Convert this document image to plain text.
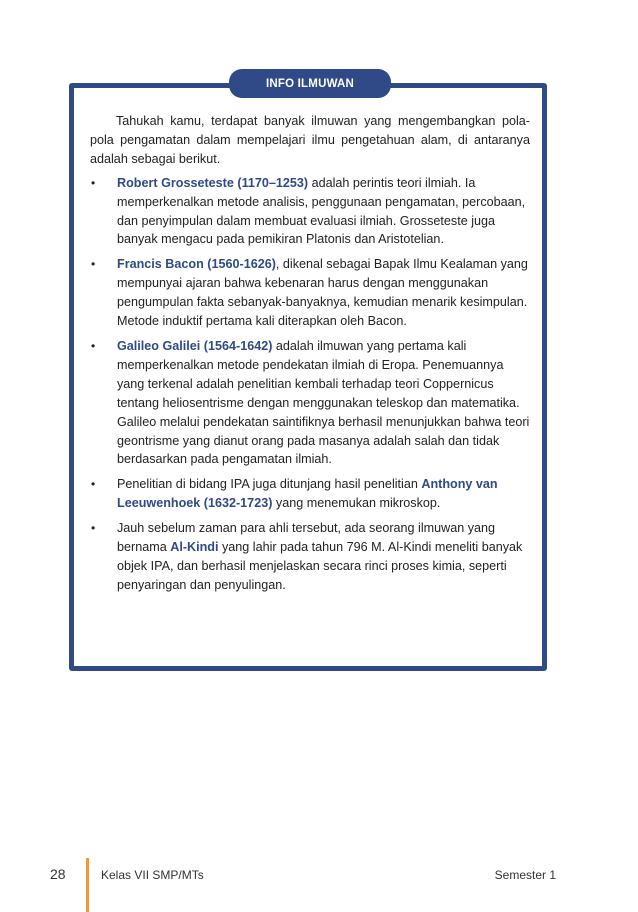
INFO ILMUWAN

Tahukah kamu, terdapat banyak ilmuwan yang mengembangkan pola-pola pengamatan dalam mempelajari ilmu pengetahuan alam, di antaranya adalah sebagai berikut.

• Robert Grosseteste (1170–1253) adalah perintis teori ilmiah. Ia memperkenalkan metode analisis, penggunaan pengamatan, percobaan, dan penyimpulan dalam membuat evaluasi ilmiah. Grosseteste juga banyak mengacu pada pemikiran Platonis dan Aristotelian.
• Francis Bacon (1560-1626), dikenal sebagai Bapak Ilmu Kealaman yang mempunyai ajaran bahwa kebenaran harus dengan menggunakan pengumpulan fakta sebanyak-banyaknya, kemudian menarik kesimpulan. Metode induktif pertama kali diterapkan oleh Bacon.
• Galileo Galilei (1564-1642) adalah ilmuwan yang pertama kali memperkenalkan metode pendekatan ilmiah di Eropa. Penemuannya yang terkenal adalah penelitian kembali terhadap teori Coppernicus tentang heliosentrisme dengan menggunakan teleskop dan matematika. Galileo melalui pendekatan saintifiknya berhasil menunjukkan bahwa teori geontrisme yang dianut orang pada masanya adalah salah dan tidak berdasarkan pada pengamatan ilmiah.
• Penelitian di bidang IPA juga ditunjang hasil penelitian Anthony van Leeuwenhoek (1632-1723) yang menemukan mikroskop.
• Jauh sebelum zaman para ahli tersebut, ada seorang ilmuwan yang bernama Al-Kindi yang lahir pada tahun 796 M. Al-Kindi meneliti banyak objek IPA, dan berhasil menjelaskan secara rinci proses kimia, seperti penyaringan dan penyulingan.
28	Kelas VII SMP/MTs	Semester 1
